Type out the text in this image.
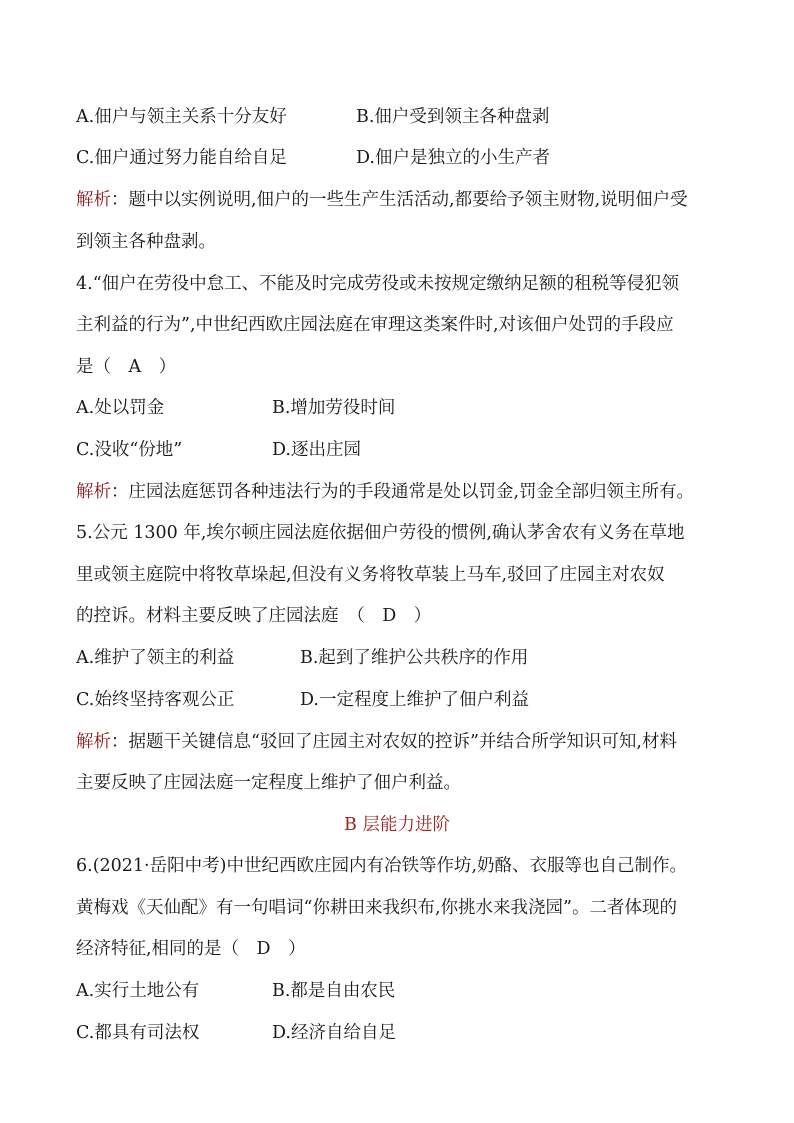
A.佃户与领主关系十分友好	B.佃户受到领主各种盘剥
C.佃户通过努力能自给自足	D.佃户是独立的小生产者
解析：题中以实例说明,佃户的一些生产生活活动,都要给予领主财物,说明佃户受
到领主各种盘剥。
4.“佃户在劳役中怠工、不能及时完成劳役或未按规定缴纳足额的租税等侵犯领
主利益的行为”,中世纪西欧庄园法庭在审理这类案件时,对该佃户处罚的手段应
是（　A　）
A.处以罚金	B.增加劳役时间
C.没收“份地”	D.逐出庄园
解析：庄园法庭惩罚各种违法行为的手段通常是处以罚金,罚金全部归领主所有。
5.公元 1300 年,埃尔顿庄园法庭依据佃户劳役的惯例,确认茅舍农有义务在草地
里或领主庭院中将牧草垛起,但没有义务将牧草装上马车,驳回了庄园主对农奴
的控诉。材料主要反映了庄园法庭　（　D　）
A.维护了领主的利益	B.起到了维护公共秩序的作用
C.始终坚持客观公正	D.一定程度上维护了佃户利益
解析：据题干关键信息“驳回了庄园主对农奴的控诉”并结合所学知识可知,材料
主要反映了庄园法庭一定程度上维护了佃户利益。
B 层能力进阶
6.(2021·岳阳中考)中世纪西欧庄园内有冶铁等作坊,奶酪、衣服等也自己制作。
黄梅戏《天仙配》有一句唱词“你耕田来我织布,你挑水来我浇园”。二者体现的
经济特征,相同的是（　D　）
A.实行土地公有	B.都是自由农民
C.都具有司法权	D.经济自给自足
